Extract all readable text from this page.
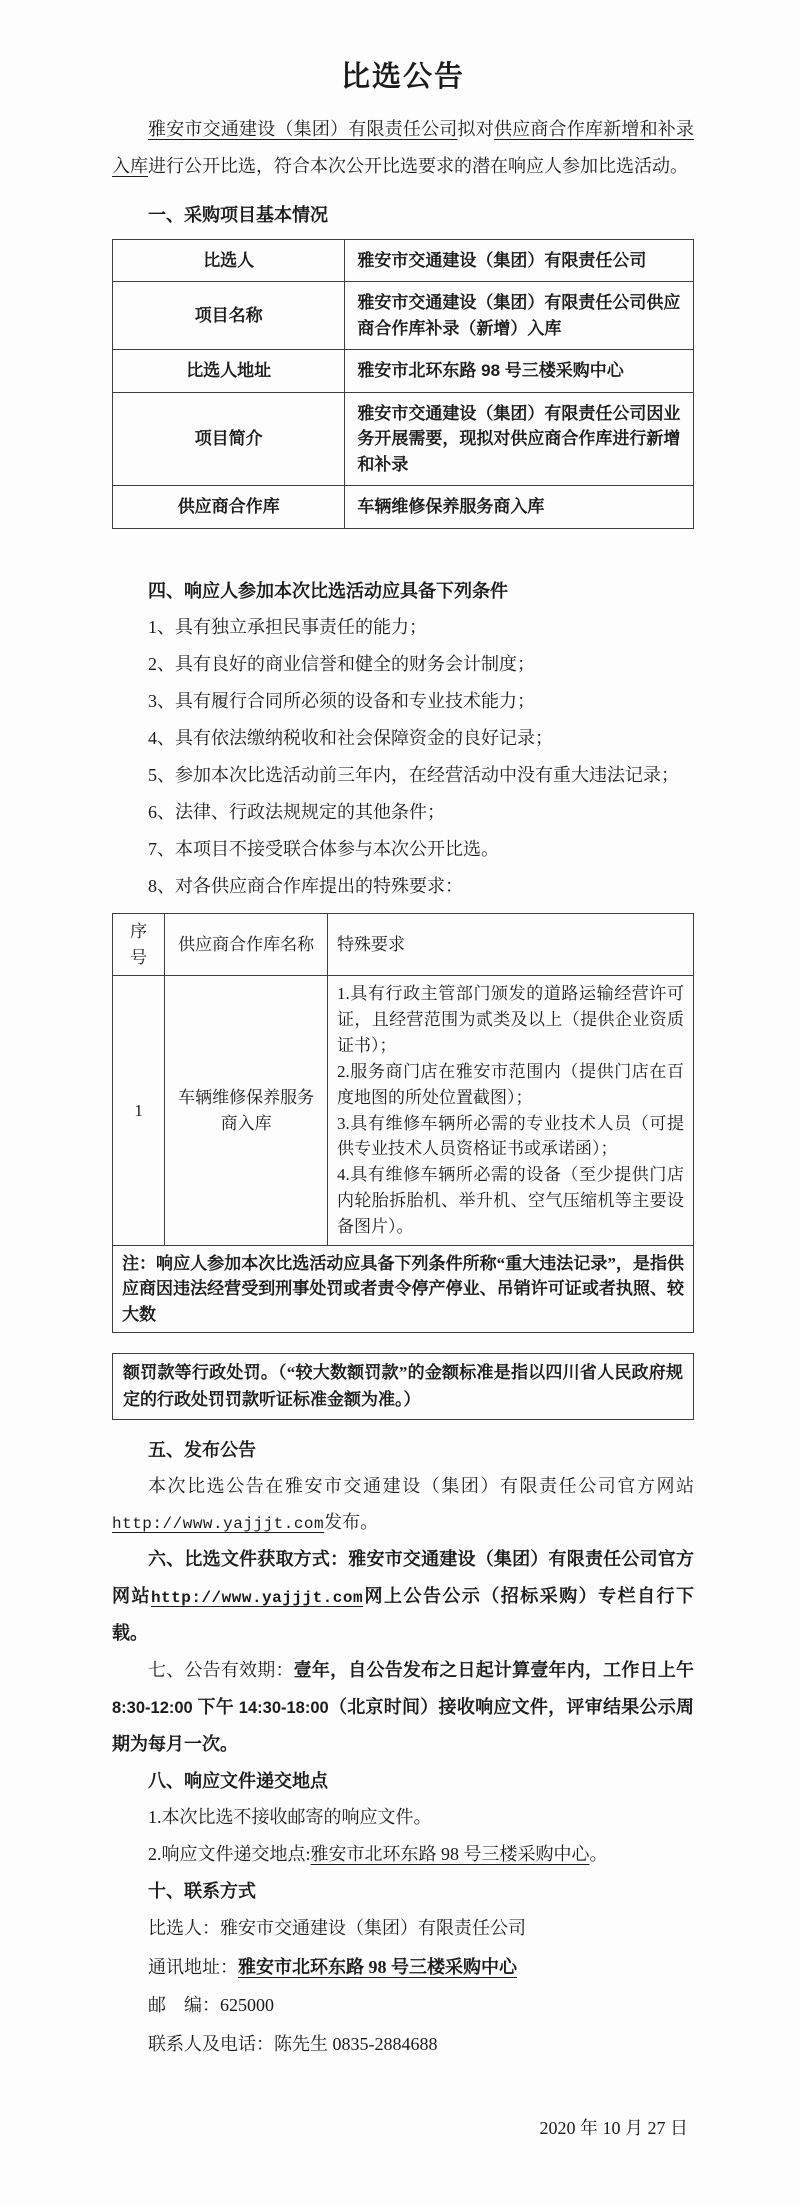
比选公告

雅安市交通建设（集团）有限责任公司拟对供应商合作库新增和补录入库进行公开比选，符合本次公开比选要求的潜在响应人参加比选活动。

一、采购项目基本情况
比选人	雅安市交通建设（集团）有限责任公司
项目名称	雅安市交通建设（集团）有限责任公司供应商合作库补录（新增）入库
比选人地址	雅安市北环东路 98 号三楼采购中心
项目简介	雅安市交通建设（集团）有限责任公司因业务开展需要，现拟对供应商合作库进行新增和补录
供应商合作库	车辆维修保养服务商入库
四、响应人参加本次比选活动应具备下列条件

1、具有独立承担民事责任的能力；

2、具有良好的商业信誉和健全的财务会计制度；

3、具有履行合同所必须的设备和专业技术能力；

4、具有依法缴纳税收和社会保障资金的良好记录；

5、参加本次比选活动前三年内，在经营活动中没有重大违法记录；

6、法律、行政法规规定的其他条件；

7、本项目不接受联合体参与本次公开比选。

8、对各供应商合作库提出的特殊要求：

序号	供应商合作库名称	特殊要求
1	车辆维修保养服务商入库	1.具有行政主管部门颁发的道路运输经营许可证，且经营范围为贰类及以上（提供企业资质证书）；
2.服务商门店在雅安市范围内（提供门店在百度地图的所处位置截图）；
3.具有维修车辆所必需的专业技术人员（可提供专业技术人员资格证书或承诺函）；
4.具有维修车辆所必需的设备（至少提供门店内轮胎拆胎机、举升机、空气压缩机等主要设备图片）。

注：响应人参加本次比选活动应具备下列条件所称“重大违法记录”，是指供应商因违法经营受到刑事处罚或者责令停产停业、吊销许可证或者执照、较大数		
额罚款等行政处罚。（“较大数额罚款”的金额标准是指以四川省人民政府规定的行政处罚罚款听证标准金额为准。）
五、发布公告

本次比选公告在雅安市交通建设（集团）有限责任公司官方网站http://www.yajjjt.com发布。

六、比选文件获取方式：雅安市交通建设（集团）有限责任公司官方网站http://www.yajjjt.com网上公告公示（招标采购）专栏自行下载。

七、公告有效期：壹年，自公告发布之日起计算壹年内，工作日上午 8:30-12:00 下午 14:30-18:00（北京时间）接收响应文件，评审结果公示周期为每月一次。

八、响应文件递交地点

1.本次比选不接收邮寄的响应文件。

2.响应文件递交地点:雅安市北环东路 98 号三楼采购中心。

十、联系方式

比选人：雅安市交通建设（集团）有限责任公司

通讯地址：雅安市北环东路 98 号三楼采购中心

邮　编：625000

联系人及电话：陈先生 0835-2884688

2020 年 10 月 27 日
